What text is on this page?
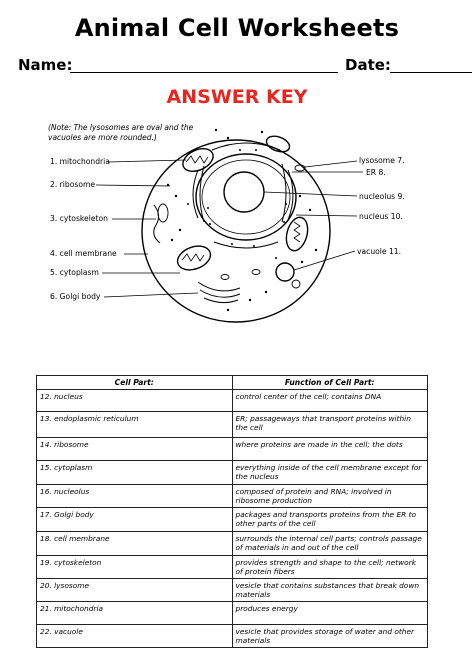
Animal Cell Worksheets
Name:	Date:
ANSWER KEY
(Note: The lysosomes are oval and the vacuoles are more rounded.)
1. mitochondria
2. ribosome
3. cytoskeleton
4. cell membrane
5. cytoplasm
6. Golgi body
lysosome 7.
ER 8.
nucleolus 9.
nucleus 10.
vacuole 11.
Cell Part:	Function of Cell Part:
12. nucleus	control center of the cell; contains DNA
13. endoplasmic reticulum	ER; passageways that transport proteins within the cell
14. ribosome	where proteins are made in the cell; the dots
15. cytoplasm	everything inside of the cell membrane except for the nucleus
16. nucleolus	composed of protein and RNA; involved in ribosome production
17. Golgi body	packages and transports proteins from the ER to other parts of the cell
18. cell membrane	surrounds the internal cell parts; controls passage of materials in and out of the cell
19. cytoskeleton	provides strength and shape to the cell; network of protein fibers
20. lysosome	vesicle that contains substances that break down materials
21. mitochondria	produces energy
22. vacuole	vesicle that provides storage of water and other materials
